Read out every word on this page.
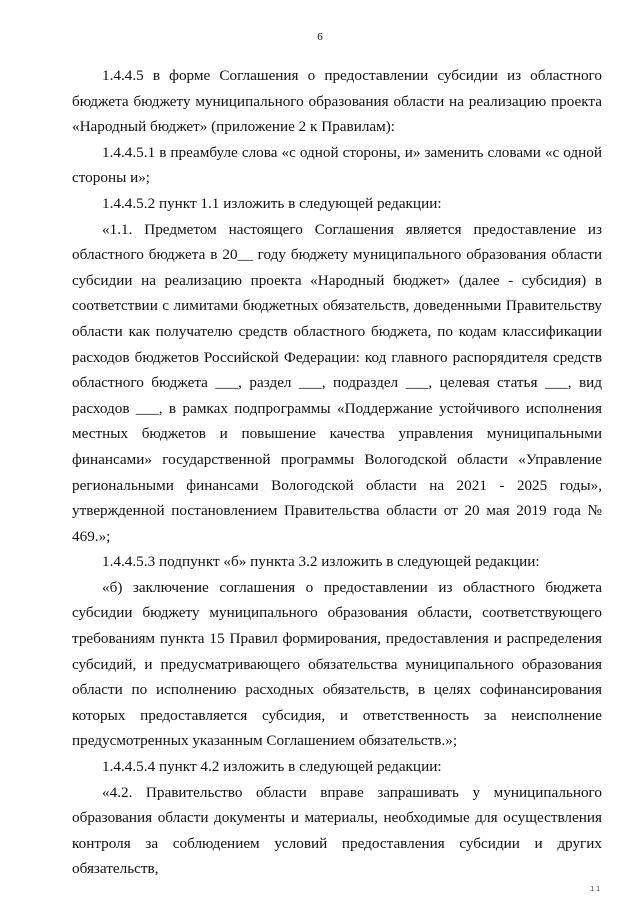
6

1.4.4.5 в форме Соглашения о предоставлении субсидии из областного бюджета бюджету муниципального образования области на реализацию проекта «Народный бюджет» (приложение 2 к Правилам):

1.4.4.5.1 в преамбуле слова «с одной стороны, и» заменить словами «с одной стороны и»;

1.4.4.5.2 пункт 1.1 изложить в следующей редакции:

«1.1. Предметом настоящего Соглашения является предоставление из областного бюджета в 20__ году бюджету муниципального образования области субсидии на реализацию проекта «Народный бюджет» (далее - субсидия) в соответствии с лимитами бюджетных обязательств, доведенными Правительству области как получателю средств областного бюджета, по кодам классификации расходов бюджетов Российской Федерации: код главного распорядителя средств областного бюджета ___, раздел ___, подраздел ___, целевая статья ___, вид расходов ___, в рамках подпрограммы «Поддержание устойчивого исполнения местных бюджетов и повышение качества управления муниципальными финансами» государственной программы Вологодской области «Управление региональными финансами Вологодской области на 2021 - 2025 годы», утвержденной постановлением Правительства области от 20 мая 2019 года № 469.»;

1.4.4.5.3 подпункт «б» пункта 3.2 изложить в следующей редакции:

«б) заключение соглашения о предоставлении из областного бюджета субсидии бюджету муниципального образования области, соответствующего требованиям пункта 15 Правил формирования, предоставления и распределения субсидий, и предусматривающего обязательства муниципального образования области по исполнению расходных обязательств, в целях софинансирования которых предоставляется субсидия, и ответственность за неисполнение предусмотренных указанным Соглашением обязательств.»;

1.4.4.5.4 пункт 4.2 изложить в следующей редакции:

«4.2. Правительство области вправе запрашивать у муниципального образования области документы и материалы, необходимые для осуществления контроля за соблюдением условий предоставления субсидии и других обязательств,

1 1
